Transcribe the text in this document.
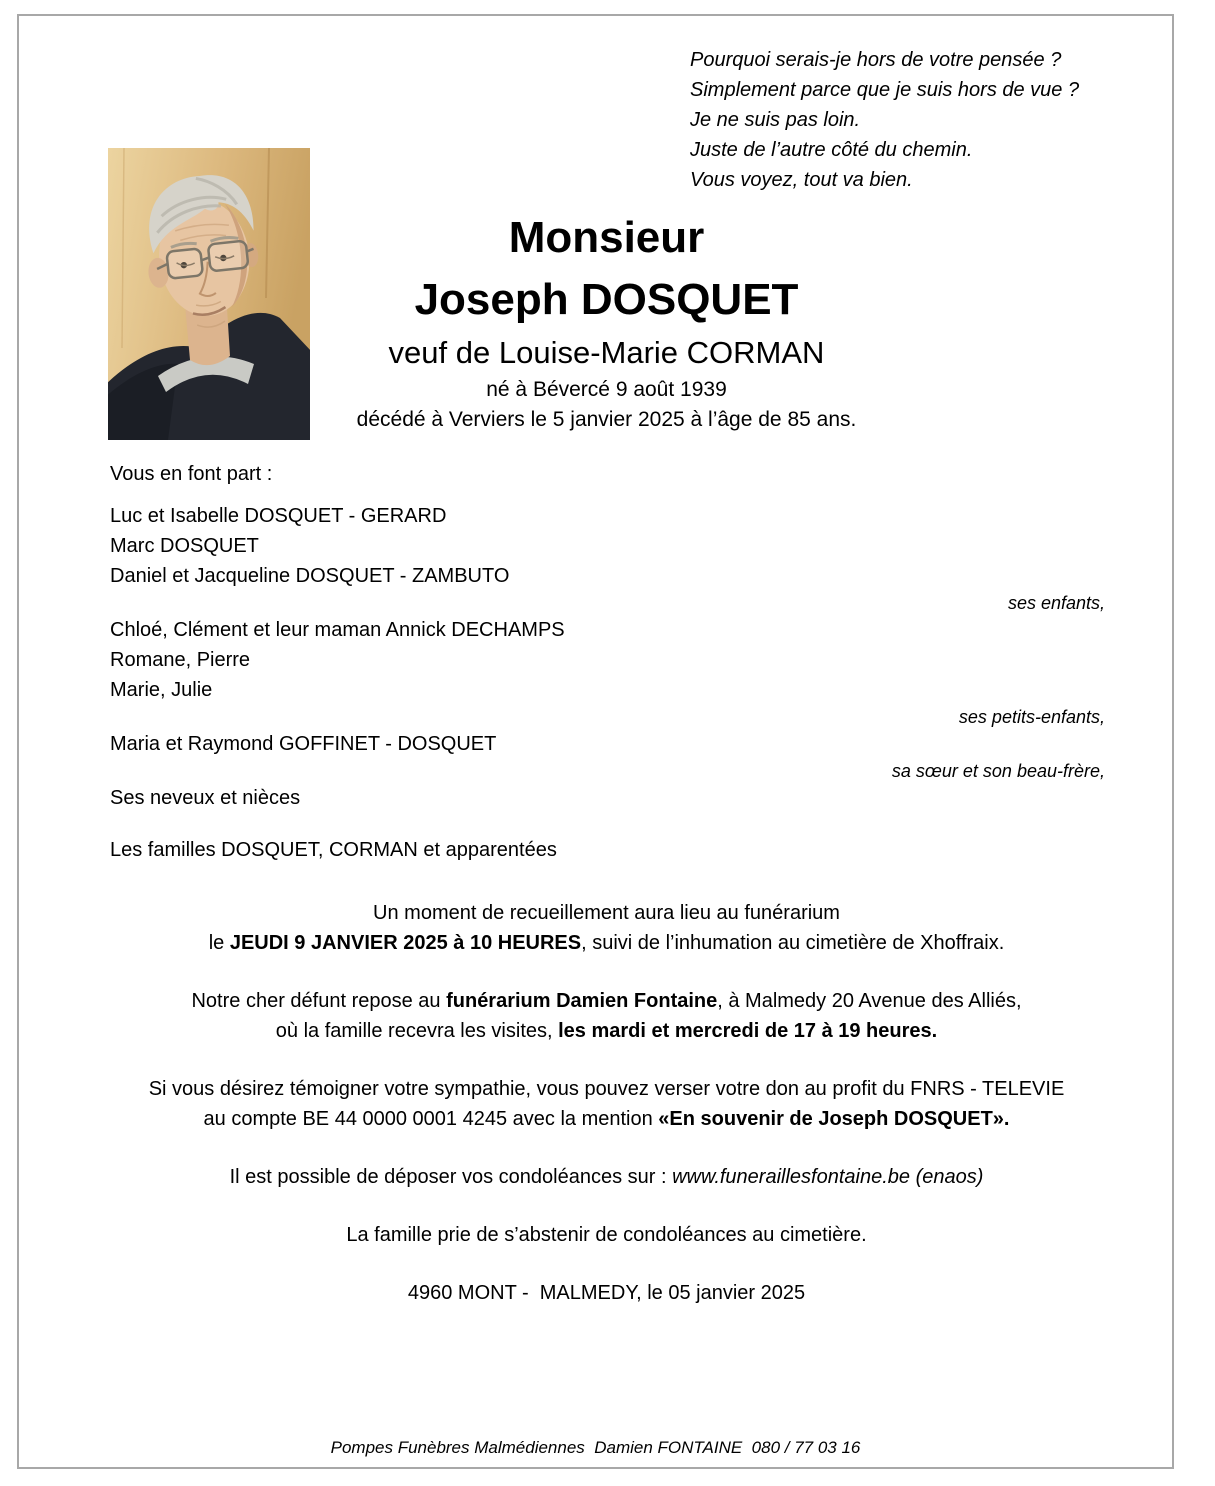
Pourquoi serais-je hors de votre pensée ?
Simplement parce que je suis hors de vue ?
Je ne suis pas loin.
Juste de l’autre côté du chemin.
Vous voyez, tout va bien.
Monsieur
Joseph DOSQUET
veuf de Louise-Marie CORMAN
né à Bévercé 9 août 1939
décédé à Verviers le 5 janvier 2025 à l’âge de 85 ans.
Vous en font part :
Luc et Isabelle DOSQUET - GERARD
Marc DOSQUET
Daniel et Jacqueline DOSQUET - ZAMBUTO
ses enfants,
Chloé, Clément et leur maman Annick DECHAMPS
Romane, Pierre
Marie, Julie
ses petits-enfants,
Maria et Raymond GOFFINET - DOSQUET
sa sœur et son beau-frère,
Ses neveux et nièces
Les familles DOSQUET, CORMAN et apparentées

Un moment de recueillement aura lieu au funérarium
le JEUDI 9 JANVIER 2025 à 10 HEURES, suivi de l’inhumation au cimetière de Xhoffraix.

Notre cher défunt repose au funérarium Damien Fontaine, à Malmedy 20 Avenue des Alliés,
où la famille recevra les visites, les mardi et mercredi de 17 à 19 heures.

Si vous désirez témoigner votre sympathie, vous pouvez verser votre don au profit du FNRS - TELEVIE
au compte BE 44 0000 0001 4245 avec la mention «En souvenir de Joseph DOSQUET».

Il est possible de déposer vos condoléances sur : www.funeraillesfontaine.be (enaos)

La famille prie de s’abstenir de condoléances au cimetière.

4960 MONT -  MALMEDY, le 05 janvier 2025

Pompes Funèbres Malmédiennes  Damien FONTAINE  080 / 77 03 16
